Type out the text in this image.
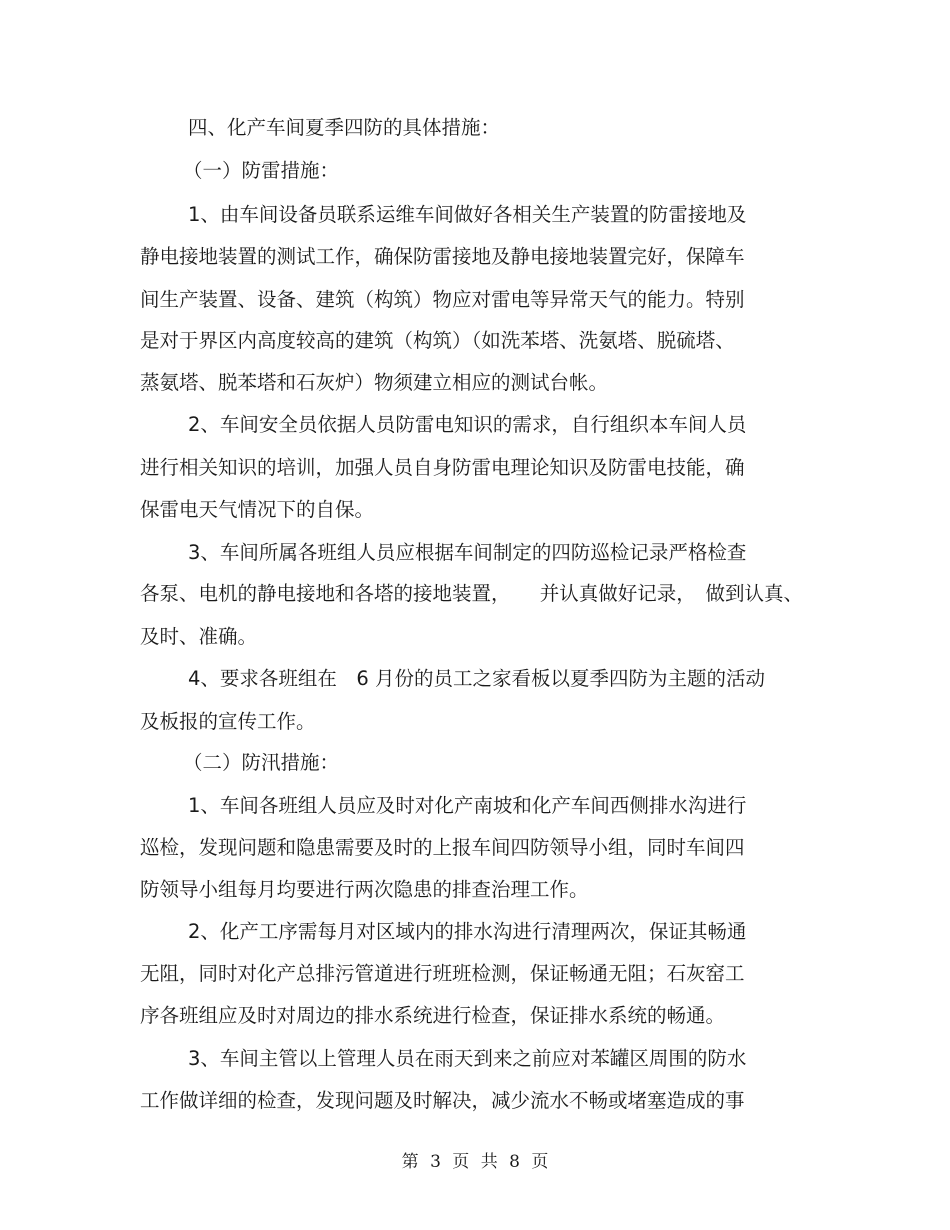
四、化产车间夏季四防的具体措施：
（一）防雷措施：
1、由车间设备员联系运维车间做好各相关生产装置的防雷接地及
静电接地装置的测试工作，确保防雷接地及静电接地装置完好，保障车
间生产装置、设备、建筑（构筑）物应对雷电等异常天气的能力。特别
是对于界区内高度较高的建筑（构筑）（如洗苯塔、洗氨塔、脱硫塔、
蒸氨塔、脱苯塔和石灰炉）物须建立相应的测试台帐。
2、车间安全员依据人员防雷电知识的需求，自行组织本车间人员
进行相关知识的培训，加强人员自身防雷电理论知识及防雷电技能，确
保雷电天气情况下的自保。
3、车间所属各班组人员应根据车间制定的四防巡检记录严格检查
各泵、电机的静电接地和各塔的接地装置，　　并认真做好记录，　做到认真、
及时、准确。
4、要求各班组在　6 月份的员工之家看板以夏季四防为主题的活动
及板报的宣传工作。
（二）防汛措施：
1、车间各班组人员应及时对化产南坡和化产车间西侧排水沟进行
巡检，发现问题和隐患需要及时的上报车间四防领导小组，同时车间四
防领导小组每月均要进行两次隐患的排查治理工作。
2、化产工序需每月对区域内的排水沟进行清理两次，保证其畅通
无阻，同时对化产总排污管道进行班班检测，保证畅通无阻；石灰窑工
序各班组应及时对周边的排水系统进行检查，保证排水系统的畅通。
3、车间主管以上管理人员在雨天到来之前应对苯罐区周围的防水
工作做详细的检查，发现问题及时解决，减少流水不畅或堵塞造成的事
第 3 页 共 8 页
